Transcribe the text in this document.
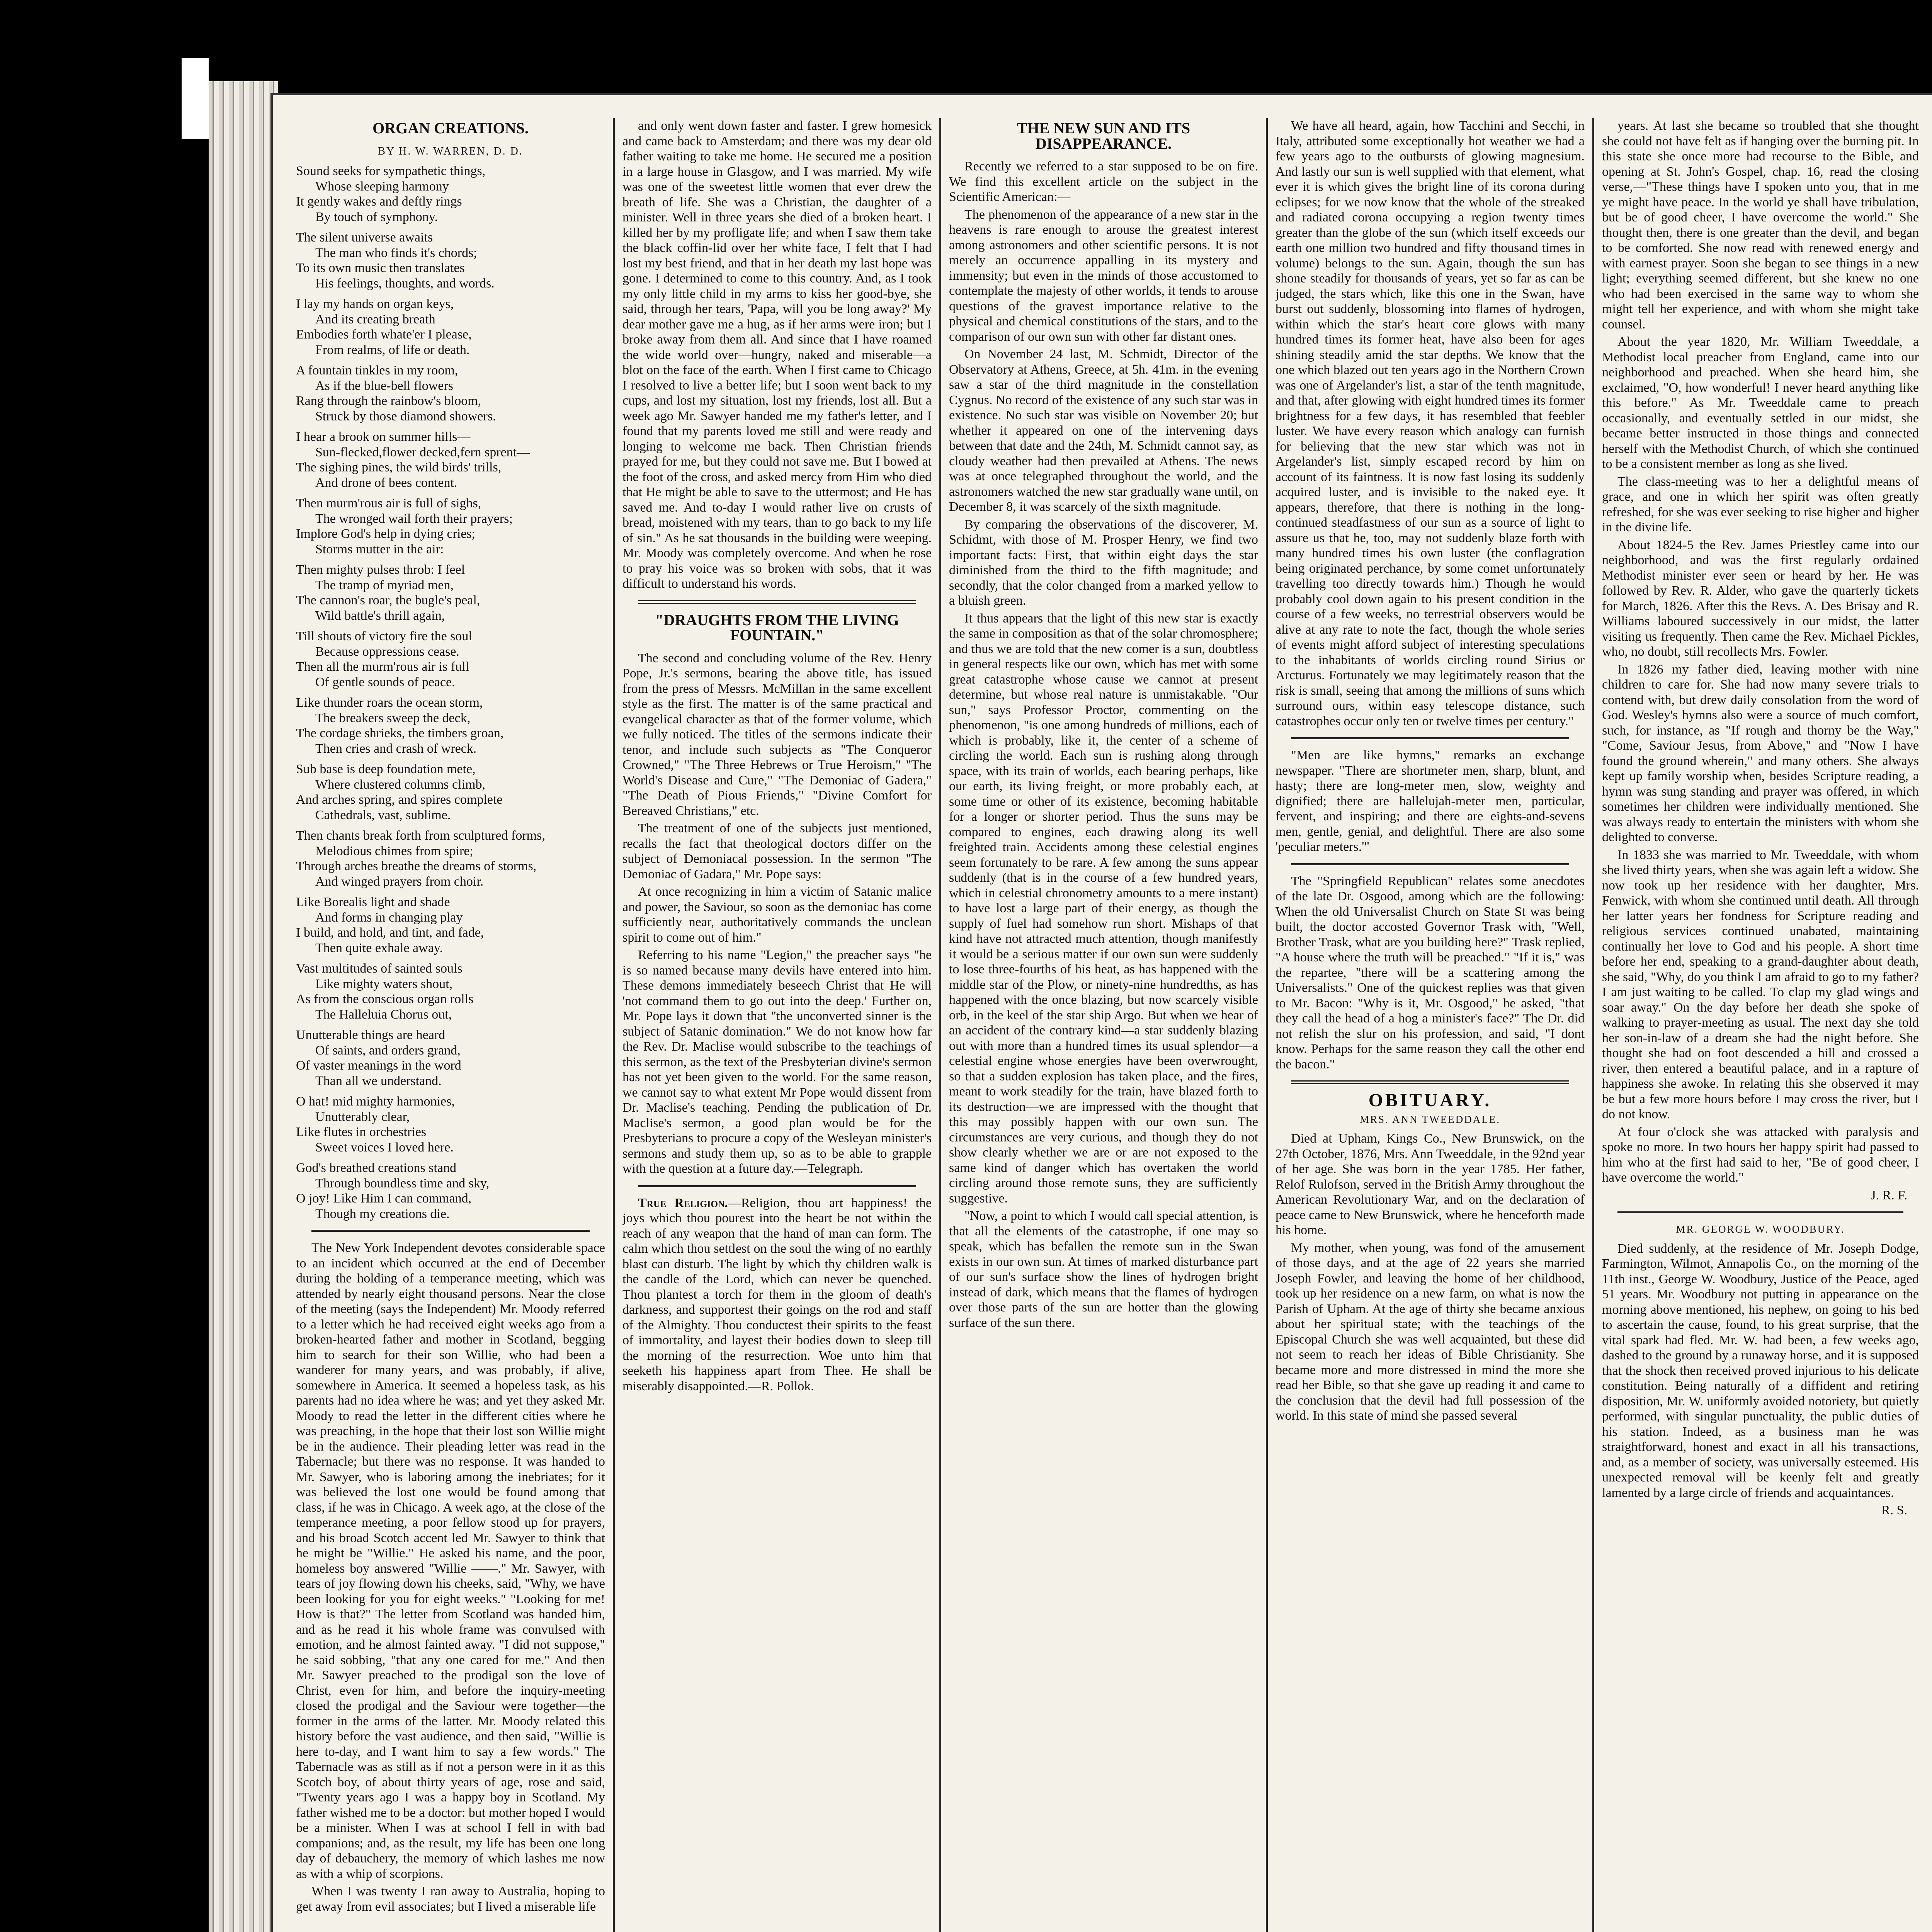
ORGAN CREATIONS.
BY H. W. WARREN, D. D.
Sound seeks for sympathetic things,
Whose sleeping harmony
It gently wakes and deftly rings
By touch of symphony.
The silent universe awaits
The man who finds it's chords;
To its own music then translates
His feelings, thoughts, and words.
I lay my hands on organ keys,
And its creating breath
Embodies forth whate'er I please,
From realms, of life or death.
A fountain tinkles in my room,
As if the blue-bell flowers
Rang through the rainbow's bloom,
Struck by those diamond showers.
I hear a brook on summer hills—
Sun-flecked,flower decked,fern sprent—
The sighing pines, the wild birds' trills,
And drone of bees content.
Then murm'rous air is full of sighs,
The wronged wail forth their prayers;
Implore God's help in dying cries;
Storms mutter in the air:
Then mighty pulses throb: I feel
The tramp of myriad men,
The cannon's roar, the bugle's peal,
Wild battle's thrill again,
Till shouts of victory fire the soul
Because oppressions cease.
Then all the murm'rous air is full
Of gentle sounds of peace.
Like thunder roars the ocean storm,
The breakers sweep the deck,
The cordage shrieks, the timbers groan,
Then cries and crash of wreck.
Sub base is deep foundation mete,
Where clustered columns climb,
And arches spring, and spires complete
Cathedrals, vast, sublime.
Then chants break forth from sculptured forms,
Melodious chimes from spire;
Through arches breathe the dreams of storms,
And winged prayers from choir.
Like Borealis light and shade
And forms in changing play
I build, and hold, and tint, and fade,
Then quite exhale away.
Vast multitudes of sainted souls
Like mighty waters shout,
As from the conscious organ rolls
The Halleluia Chorus out,
Unutterable things are heard
Of saints, and orders grand,
Of vaster meanings in the word
Than all we understand.
O hat! mid mighty harmonies,
Unutterably clear,
Like flutes in orchestries
Sweet voices I loved here.
God's breathed creations stand
Through boundless time and sky,
O joy! Like Him I can command,
Though my creations die.

The New York Independent devotes considerable space to an incident which occurred at the end of December during the holding of a temperance meeting, which was attended by nearly eight thousand persons. Near the close of the meeting (says the Independent) Mr. Moody referred to a letter which he had received eight weeks ago from a broken-hearted father and mother in Scotland, begging him to search for their son Willie, who had been a wanderer for many years, and was probably, if alive, somewhere in America. It seemed a hopeless task, as his parents had no idea where he was; and yet they asked Mr. Moody to read the letter in the different cities where he was preaching, in the hope that their lost son Willie might be in the audience. Their pleading letter was read in the Tabernacle; but there was no response. It was handed to Mr. Sawyer, who is laboring among the inebriates; for it was believed the lost one would be found among that class, if he was in Chicago. A week ago, at the close of the temperance meeting, a poor fellow stood up for prayers, and his broad Scotch accent led Mr. Sawyer to think that he might be "Willie." He asked his name, and the poor, homeless boy answered "Willie ——." Mr. Sawyer, with tears of joy flowing down his cheeks, said, "Why, we have been looking for you for eight weeks." "Looking for me! How is that?" The letter from Scotland was handed him, and as he read it his whole frame was convulsed with emotion, and he almost fainted away. "I did not suppose," he said sobbing, "that any one cared for me." And then Mr. Sawyer preached to the prodigal son the love of Christ, even for him, and before the inquiry-meeting closed the prodigal and the Saviour were together—the former in the arms of the latter. Mr. Moody related this history before the vast audience, and then said, "Willie is here to-day, and I want him to say a few words." The Tabernacle was as still as if not a person were in it as this Scotch boy, of about thirty years of age, rose and said, "Twenty years ago I was a happy boy in Scotland. My father wished me to be a doctor: but mother hoped I would be a minister. When I was at school I fell in with bad companions; and, as the result, my life has been one long day of debauchery, the memory of which lashes me now as with a whip of scorpions.

When I was twenty I ran away to Australia, hoping to get away from evil associates; but I lived a miserable life

and only went down faster and faster. I grew homesick and came back to Amsterdam; and there was my dear old father waiting to take me home. He secured me a position in a large house in Glasgow, and I was married. My wife was one of the sweetest little women that ever drew the breath of life. She was a Christian, the daughter of a minister. Well in three years she died of a broken heart. I killed her by my profligate life; and when I saw them take the black coffin-lid over her white face, I felt that I had lost my best friend, and that in her death my last hope was gone. I determined to come to this country. And, as I took my only little child in my arms to kiss her good-bye, she said, through her tears, 'Papa, will you be long away?' My dear mother gave me a hug, as if her arms were iron; but I broke away from them all. And since that I have roamed the wide world over—hungry, naked and miserable—a blot on the face of the earth. When I first came to Chicago I resolved to live a better life; but I soon went back to my cups, and lost my situation, lost my friends, lost all. But a week ago Mr. Sawyer handed me my father's letter, and I found that my parents loved me still and were ready and longing to welcome me back. Then Christian friends prayed for me, but they could not save me. But I bowed at the foot of the cross, and asked mercy from Him who died that He might be able to save to the uttermost; and He has saved me. And to-day I would rather live on crusts of bread, moistened with my tears, than to go back to my life of sin." As he sat thousands in the building were weeping. Mr. Moody was completely overcome. And when he rose to pray his voice was so broken with sobs, that it was difficult to understand his words.

"DRAUGHTS FROM THE LIVING FOUNTAIN."

The second and concluding volume of the Rev. Henry Pope, Jr.'s sermons, bearing the above title, has issued from the press of Messrs. McMillan in the same excellent style as the first. The matter is of the same practical and evangelical character as that of the former volume, which we fully noticed. The titles of the sermons indicate their tenor, and include such subjects as "The Conqueror Crowned," "The Three Hebrews or True Heroism," "The World's Disease and Cure," "The Demoniac of Gadera," "The Death of Pious Friends," "Divine Comfort for Bereaved Christians," etc.

The treatment of one of the subjects just mentioned, recalls the fact that theological doctors differ on the subject of Demoniacal possession. In the sermon "The Demoniac of Gadara," Mr. Pope says:

At once recognizing in him a victim of Satanic malice and power, the Saviour, so soon as the demoniac has come sufficiently near, authoritatively commands the unclean spirit to come out of him."

Referring to his name "Legion," the preacher says "he is so named because many devils have entered into him. These demons immediately beseech Christ that He will 'not command them to go out into the deep.' Further on, Mr. Pope lays it down that "the unconverted sinner is the subject of Satanic domination." We do not know how far the Rev. Dr. Maclise would subscribe to the teachings of this sermon, as the text of the Presbyterian divine's sermon has not yet been given to the world. For the same reason, we cannot say to what extent Mr Pope would dissent from Dr. Maclise's teaching. Pending the publication of Dr. Maclise's sermon, a good plan would be for the Presbyterians to procure a copy of the Wesleyan minister's sermons and study them up, so as to be able to grapple with the question at a future day.—Telegraph.

True Religion.—Religion, thou art happiness! the joys which thou pourest into the heart be not within the reach of any weapon that the hand of man can form. The calm which thou settlest on the soul the wing of no earthly blast can disturb. The light by which thy children walk is the candle of the Lord, which can never be quenched. Thou plantest a torch for them in the gloom of death's darkness, and supportest their goings on the rod and staff of the Almighty. Thou conductest their spirits to the feast of immortality, and layest their bodies down to sleep till the morning of the resurrection. Woe unto him that seeketh his happiness apart from Thee. He shall be miserably disappointed.—R. Pollok.

THE NEW SUN AND ITS DISAPPEARANCE.

Recently we referred to a star supposed to be on fire. We find this excellent article on the subject in the Scientific American:—

The phenomenon of the appearance of a new star in the heavens is rare enough to arouse the greatest interest among astronomers and other scientific persons. It is not merely an occurrence appalling in its mystery and immensity; but even in the minds of those accustomed to contemplate the majesty of other worlds, it tends to arouse questions of the gravest importance relative to the physical and chemical constitutions of the stars, and to the comparison of our own sun with other far distant ones.

On November 24 last, M. Schmidt, Director of the Observatory at Athens, Greece, at 5h. 41m. in the evening saw a star of the third magnitude in the constellation Cygnus. No record of the existence of any such star was in existence. No such star was visible on November 20; but whether it appeared on one of the intervening days between that date and the 24th, M. Schmidt cannot say, as cloudy weather had then prevailed at Athens. The news was at once telegraphed throughout the world, and the astronomers watched the new star gradually wane until, on December 8, it was scarcely of the sixth magnitude.

By comparing the observations of the discoverer, M. Schidmt, with those of M. Prosper Henry, we find two important facts: First, that within eight days the star diminished from the third to the fifth magnitude; and secondly, that the color changed from a marked yellow to a bluish green.

It thus appears that the light of this new star is exactly the same in composition as that of the solar chromosphere; and thus we are told that the new comer is a sun, doubtless in general respects like our own, which has met with some great catastrophe whose cause we cannot at present determine, but whose real nature is unmistakable. "Our sun," says Professor Proctor, commenting on the phenomenon, "is one among hundreds of millions, each of which is probably, like it, the center of a scheme of circling the world. Each sun is rushing along through space, with its train of worlds, each bearing perhaps, like our earth, its living freight, or more probably each, at some time or other of its existence, becoming habitable for a longer or shorter period. Thus the suns may be compared to engines, each drawing along its well freighted train. Accidents among these celestial engines seem fortunately to be rare. A few among the suns appear suddenly (that is in the course of a few hundred years, which in celestial chronometry amounts to a mere instant) to have lost a large part of their energy, as though the supply of fuel had somehow run short. Mishaps of that kind have not attracted much attention, though manifestly it would be a serious matter if our own sun were suddenly to lose three-fourths of his heat, as has happened with the middle star of the Plow, or ninety-nine hundredths, as has happened with the once blazing, but now scarcely visible orb, in the keel of the star ship Argo. But when we hear of an accident of the contrary kind—a star suddenly blazing out with more than a hundred times its usual splendor—a celestial engine whose energies have been overwrought, so that a sudden explosion has taken place, and the fires, meant to work steadily for the train, have blazed forth to its destruction—we are impressed with the thought that this may possibly happen with our own sun. The circumstances are very curious, and though they do not show clearly whether we are or are not exposed to the same kind of danger which has overtaken the world circling around those remote suns, they are sufficiently suggestive.

"Now, a point to which I would call special attention, is that all the elements of the catastrophe, if one may so speak, which has befallen the remote sun in the Swan exists in our own sun. At times of marked disturbance part of our sun's surface show the lines of hydrogen bright instead of dark, which means that the flames of hydrogen over those parts of the sun are hotter than the glowing surface of the sun there.

We have all heard, again, how Tacchini and Secchi, in Italy, attributed some exceptionally hot weather we had a few years ago to the outbursts of glowing magnesium. And lastly our sun is well supplied with that element, what ever it is which gives the bright line of its corona during eclipses; for we now know that the whole of the streaked and radiated corona occupying a region twenty times greater than the globe of the sun (which itself exceeds our earth one million two hundred and fifty thousand times in volume) belongs to the sun. Again, though the sun has shone steadily for thousands of years, yet so far as can be judged, the stars which, like this one in the Swan, have burst out suddenly, blossoming into flames of hydrogen, within which the star's heart core glows with many hundred times its former heat, have also been for ages shining steadily amid the star depths. We know that the one which blazed out ten years ago in the Northern Crown was one of Argelander's list, a star of the tenth magnitude, and that, after glowing with eight hundred times its former brightness for a few days, it has resembled that feebler luster. We have every reason which analogy can furnish for believing that the new star which was not in Argelander's list, simply escaped record by him on account of its faintness. It is now fast losing its suddenly acquired luster, and is invisible to the naked eye. It appears, therefore, that there is nothing in the long-continued steadfastness of our sun as a source of light to assure us that he, too, may not suddenly blaze forth with many hundred times his own luster (the conflagration being originated perchance, by some comet unfortunately travelling too directly towards him.) Though he would probably cool down again to his present condition in the course of a few weeks, no terrestrial observers would be alive at any rate to note the fact, though the whole series of events might afford subject of interesting speculations to the inhabitants of worlds circling round Sirius or Arcturus. Fortunately we may legitimately reason that the risk is small, seeing that among the millions of suns which surround ours, within easy telescope distance, such catastrophes occur only ten or twelve times per century."

"Men are like hymns," remarks an exchange newspaper. "There are shortmeter men, sharp, blunt, and hasty; there are long-meter men, slow, weighty and dignified; there are hallelujah-meter men, particular, fervent, and inspiring; and there are eights-and-sevens men, gentle, genial, and delightful. There are also some 'peculiar meters.'"

The "Springfield Republican" relates some anecdotes of the late Dr. Osgood, among which are the following: When the old Universalist Church on State St was being built, the doctor accosted Governor Trask with, "Well, Brother Trask, what are you building here?" Trask replied, "A house where the truth will be preached." "If it is," was the repartee, "there will be a scattering among the Universalists." One of the quickest replies was that given to Mr. Bacon: "Why is it, Mr. Osgood," he asked, "that they call the head of a hog a minister's face?" The Dr. did not relish the slur on his profession, and said, "I dont know. Perhaps for the same reason they call the other end the bacon."

OBITUARY.
MRS. ANN TWEEDDALE.

Died at Upham, Kings Co., New Brunswick, on the 27th October, 1876, Mrs. Ann Tweeddale, in the 92nd year of her age. She was born in the year 1785. Her father, Relof Rulofson, served in the British Army throughout the American Revolutionary War, and on the declaration of peace came to New Brunswick, where he henceforth made his home.

My mother, when young, was fond of the amusement of those days, and at the age of 22 years she married Joseph Fowler, and leaving the home of her childhood, took up her residence on a new farm, on what is now the Parish of Upham. At the age of thirty she became anxious about her spiritual state; with the teachings of the Episcopal Church she was well acquainted, but these did not seem to reach her ideas of Bible Christianity. She became more and more distressed in mind the more she read her Bible, so that she gave up reading it and came to the conclusion that the devil had full possession of the world. In this state of mind she passed several

years. At last she became so troubled that she thought she could not have felt as if hanging over the burning pit. In this state she once more had recourse to the Bible, and opening at St. John's Gospel, chap. 16, read the closing verse,—"These things have I spoken unto you, that in me ye might have peace. In the world ye shall have tribulation, but be of good cheer, I have overcome the world." She thought then, there is one greater than the devil, and began to be comforted. She now read with renewed energy and with earnest prayer. Soon she began to see things in a new light; everything seemed different, but she knew no one who had been exercised in the same way to whom she might tell her experience, and with whom she might take counsel.

About the year 1820, Mr. William Tweeddale, a Methodist local preacher from England, came into our neighborhood and preached. When she heard him, she exclaimed, "O, how wonderful! I never heard anything like this before." As Mr. Tweeddale came to preach occasionally, and eventually settled in our midst, she became better instructed in those things and connected herself with the Methodist Church, of which she continued to be a consistent member as long as she lived.

The class-meeting was to her a delightful means of grace, and one in which her spirit was often greatly refreshed, for she was ever seeking to rise higher and higher in the divine life.

About 1824-5 the Rev. James Priestley came into our neighborhood, and was the first regularly ordained Methodist minister ever seen or heard by her. He was followed by Rev. R. Alder, who gave the quarterly tickets for March, 1826. After this the Revs. A. Des Brisay and R. Williams laboured successively in our midst, the latter visiting us frequently. Then came the Rev. Michael Pickles, who, no doubt, still recollects Mrs. Fowler.

In 1826 my father died, leaving mother with nine children to care for. She had now many severe trials to contend with, but drew daily consolation from the word of God. Wesley's hymns also were a source of much comfort, such, for instance, as "If rough and thorny be the Way," "Come, Saviour Jesus, from Above," and "Now I have found the ground wherein," and many others. She always kept up family worship when, besides Scripture reading, a hymn was sung standing and prayer was offered, in which sometimes her children were individually mentioned. She was always ready to entertain the ministers with whom she delighted to converse.

In 1833 she was married to Mr. Tweeddale, with whom she lived thirty years, when she was again left a widow. She now took up her residence with her daughter, Mrs. Fenwick, with whom she continued until death. All through her latter years her fondness for Scripture reading and religious services continued unabated, maintaining continually her love to God and his people. A short time before her end, speaking to a grand-daughter about death, she said, "Why, do you think I am afraid to go to my father? I am just waiting to be called. To clap my glad wings and soar away." On the day before her death she spoke of walking to prayer-meeting as usual. The next day she told her son-in-law of a dream she had the night before. She thought she had on foot descended a hill and crossed a river, then entered a beautiful palace, and in a rapture of happiness she awoke. In relating this she observed it may be but a few more hours before I may cross the river, but I do not know.

At four o'clock she was attacked with paralysis and spoke no more. In two hours her happy spirit had passed to him who at the first had said to her, "Be of good cheer, I have overcome the world."

J. R. F.
MR. GEORGE W. WOODBURY.

Died suddenly, at the residence of Mr. Joseph Dodge, Farmington, Wilmot, Annapolis Co., on the morning of the 11th inst., George W. Woodbury, Justice of the Peace, aged 51 years. Mr. Woodbury not putting in appearance on the morning above mentioned, his nephew, on going to his bed to ascertain the cause, found, to his great surprise, that the vital spark had fled. Mr. W. had been, a few weeks ago, dashed to the ground by a runaway horse, and it is supposed that the shock then received proved injurious to his delicate constitution. Being naturally of a diffident and retiring disposition, Mr. W. uniformly avoided notoriety, but quietly performed, with singular punctuality, the public duties of his station. Indeed, as a business man he was straightforward, honest and exact in all his transactions, and, as a member of society, was universally esteemed. His unexpected removal will be keenly felt and greatly lamented by a large circle of friends and acquaintances.

R. S.
